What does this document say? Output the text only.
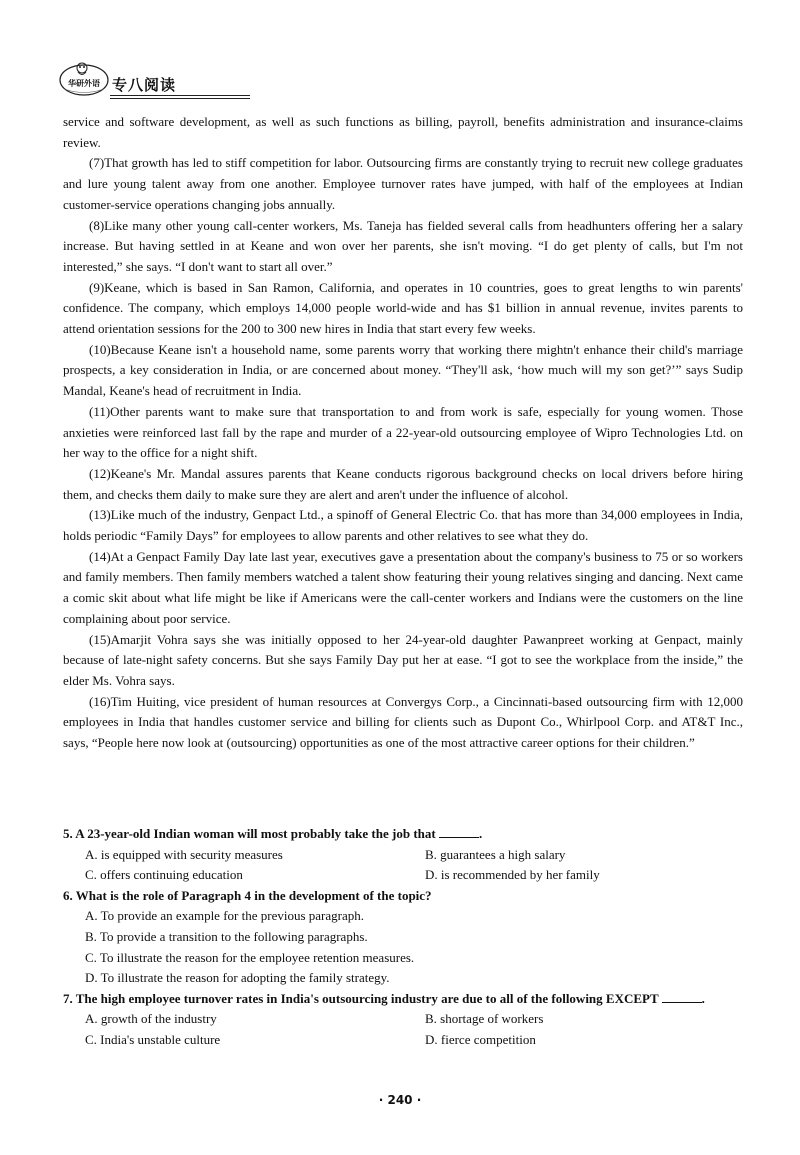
华研外语 专八阅读

service and software development, as well as such functions as billing, payroll, benefits administration and insurance-claims review.

(7)That growth has led to stiff competition for labor. Outsourcing firms are constantly trying to recruit new college graduates and lure young talent away from one another. Employee turnover rates have jumped, with half of the employees at Indian customer-service operations changing jobs annually.

(8)Like many other young call-center workers, Ms. Taneja has fielded several calls from headhunters offering her a salary increase. But having settled in at Keane and won over her parents, she isn't moving. “I do get plenty of calls, but I'm not interested,” she says. “I don't want to start all over.”

(9)Keane, which is based in San Ramon, California, and operates in 10 countries, goes to great lengths to win parents' confidence. The company, which employs 14,000 people world-wide and has $1 billion in annual revenue, invites parents to attend orientation sessions for the 200 to 300 new hires in India that start every few weeks.

(10)Because Keane isn't a household name, some parents worry that working there mightn't enhance their child's marriage prospects, a key consideration in India, or are concerned about money. “They'll ask, ‘how much will my son get?’” says Sudip Mandal, Keane's head of recruitment in India.

(11)Other parents want to make sure that transportation to and from work is safe, especially for young women. Those anxieties were reinforced last fall by the rape and murder of a 22-year-old outsourcing employee of Wipro Technologies Ltd. on her way to the office for a night shift.

(12)Keane's Mr. Mandal assures parents that Keane conducts rigorous background checks on local drivers before hiring them, and checks them daily to make sure they are alert and aren't under the influence of alcohol.

(13)Like much of the industry, Genpact Ltd., a spinoff of General Electric Co. that has more than 34,000 employees in India, holds periodic “Family Days” for employees to allow parents and other relatives to see what they do.

(14)At a Genpact Family Day late last year, executives gave a presentation about the company's business to 75 or so workers and family members. Then family members watched a talent show featuring their young relatives singing and dancing. Next came a comic skit about what life might be like if Americans were the call-center workers and Indians were the customers on the line complaining about poor service.

(15)Amarjit Vohra says she was initially opposed to her 24-year-old daughter Pawanpreet working at Genpact, mainly because of late-night safety concerns. But she says Family Day put her at ease. “I got to see the workplace from the inside,” the elder Ms. Vohra says.

(16)Tim Huiting, vice president of human resources at Convergys Corp., a Cincinnati-based outsourcing firm with 12,000 employees in India that handles customer service and billing for clients such as Dupont Co., Whirlpool Corp. and AT&T Inc., says, “People here now look at (outsourcing) opportunities as one of the most attractive career options for their children.”

5. A 23-year-old Indian woman will most probably take the job that	.

A. is equipped with security measures	B. guarantees a high salary

C. offers continuing education	D. is recommended by her family

6. What is the role of Paragraph 4 in the development of the topic?

A. To provide an example for the previous paragraph.

B. To provide a transition to the following paragraphs.

C. To illustrate the reason for the employee retention measures.

D. To illustrate the reason for adopting the family strategy.

7. The high employee turnover rates in India's outsourcing industry are due to all of the following EXCEPT	.

A. growth of the industry	B. shortage of workers

C. India's unstable culture	D. fierce competition

· 240 ·
